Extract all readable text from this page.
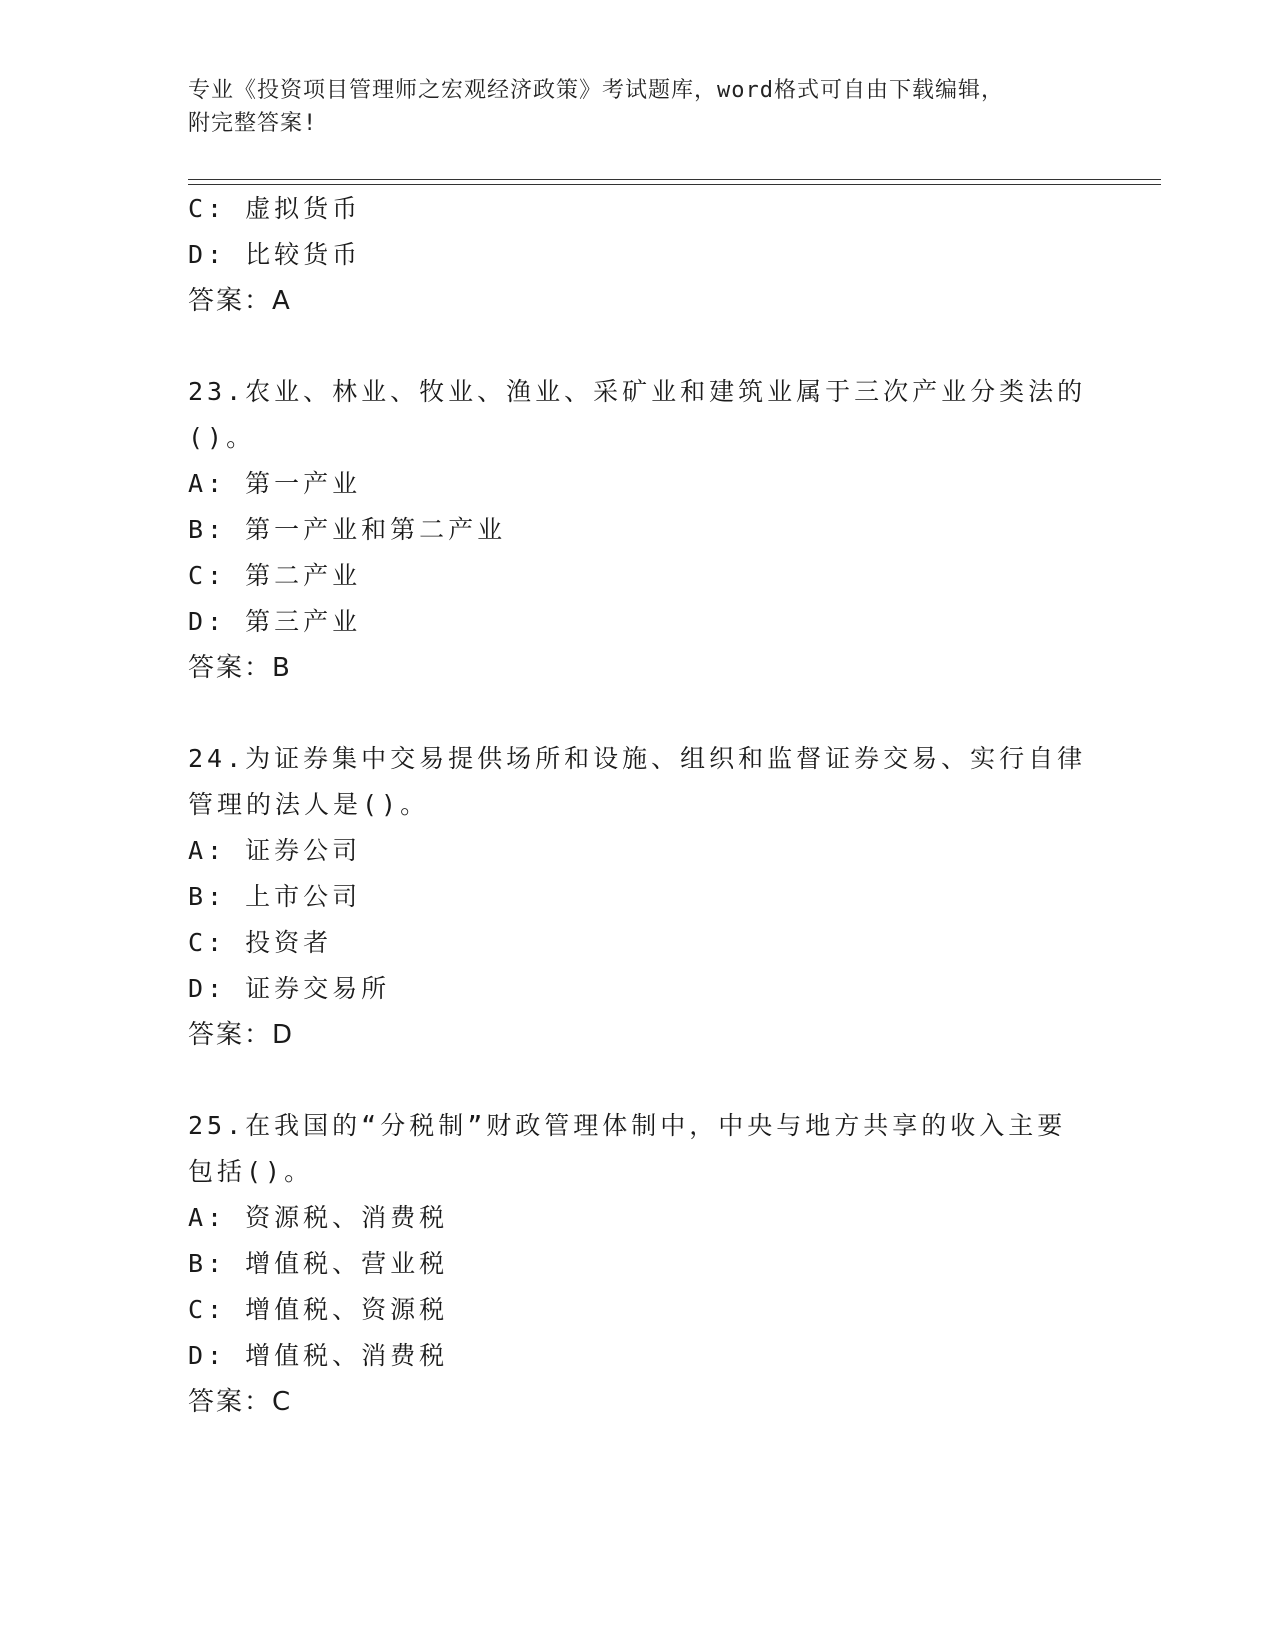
专业《投资项目管理师之宏观经济政策》考试题库，word格式可自由下载编辑，
附完整答案!
C: 虚拟货币
D: 比较货币
答案：A
23.农业、林业、牧业、渔业、采矿业和建筑业属于三次产业分类法的
()。
A: 第一产业
B: 第一产业和第二产业
C: 第二产业
D: 第三产业
答案：B
24.为证券集中交易提供场所和设施、组织和监督证券交易、实行自律
管理的法人是()。
A: 证券公司
B: 上市公司
C: 投资者
D: 证券交易所
答案：D
25.在我国的“分税制”财政管理体制中，中央与地方共享的收入主要
包括()。
A: 资源税、消费税
B: 增值税、营业税
C: 增值税、资源税
D: 增值税、消费税
答案：C
